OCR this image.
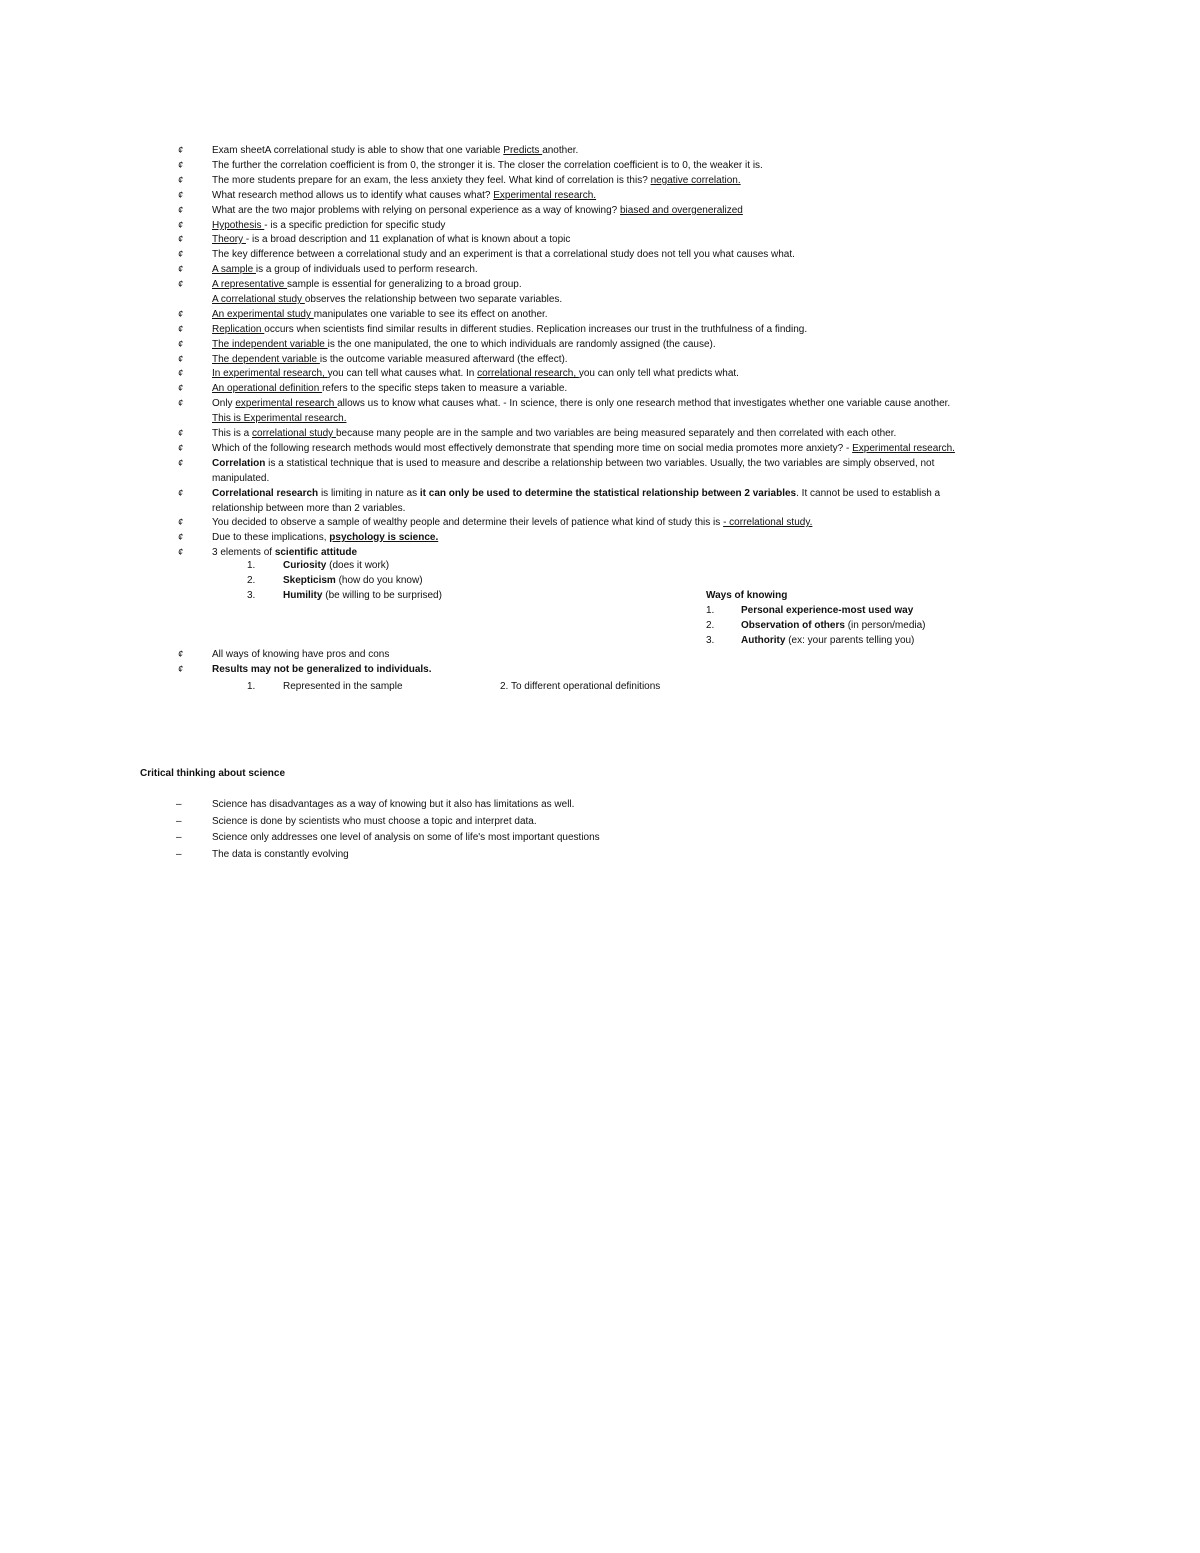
¢	Exam sheetA correlational study is able to show that one variable Predicts another.
¢	The further the correlation coefficient is from 0, the stronger it is. The closer the correlation coefficient is to 0, the weaker it is.
¢	The more students prepare for an exam, the less anxiety they feel. What kind of correlation is this? negative correlation.
¢	What research method allows us to identify what causes what? Experimental research.
¢	What are the two major problems with relying on personal experience as a way of knowing? biased and overgeneralized
¢	Hypothesis - is a specific prediction for specific study
¢	Theory - is a broad description and 11 explanation of what is known about a topic
¢	The key difference between a correlational study and an experiment is that a correlational study does not tell you what causes what.
¢	A sample is a group of individuals used to perform research.
¢	A representative sample is essential for generalizing to a broad group.
A correlational study observes the relationship between two separate variables.
¢	An experimental study manipulates one variable to see its effect on another.
¢	Replication occurs when scientists find similar results in different studies. Replication increases our trust in the truthfulness of a finding.
¢	The independent variable is the one manipulated, the one to which individuals are randomly assigned (the cause).
¢	The dependent variable is the outcome variable measured afterward (the effect).
¢	In experimental research, you can tell what causes what. In correlational research, you can only tell what predicts what.
¢	An operational definition refers to the specific steps taken to measure a variable.
¢	Only experimental research allows us to know what causes what. - In science, there is only one research method that investigates whether one variable cause another.
This is Experimental research.
¢	This is a correlational study because many people are in the sample and two variables are being measured separately and then correlated with each other.
¢	Which of the following research methods would most effectively demonstrate that spending more time on social media promotes more anxiety? - Experimental research.
¢	Correlation is a statistical technique that is used to measure and describe a relationship between two variables. Usually, the two variables are simply observed, not
manipulated.
¢	Correlational research is limiting in nature as it can only be used to determine the statistical relationship between 2 variables. It cannot be used to establish a
relationship between more than 2 variables.
¢	You decided to observe a sample of wealthy people and determine their levels of patience what kind of study this is - correlational study.
¢	Due to these implications, psychology is science.
¢	3 elements of scientific attitude
1.	Curiosity (does it work)
2.	Skepticism (how do you know)
3.	Humility (be willing to be surprised)	Ways of knowing
1.	Personal experience-most used way
2.	Observation of others (in person/media)
3.	Authority (ex: your parents telling you)
¢	All ways of knowing have pros and cons
¢	Results may not be generalized to individuals.
1.	Represented in the sample	2. To different operational definitions
Critical thinking about science
–	Science has disadvantages as a way of knowing but it also has limitations as well.
–	Science is done by scientists who must choose a topic and interpret data.
–	Science only addresses one level of analysis on some of life's most important questions
–	The data is constantly evolving
